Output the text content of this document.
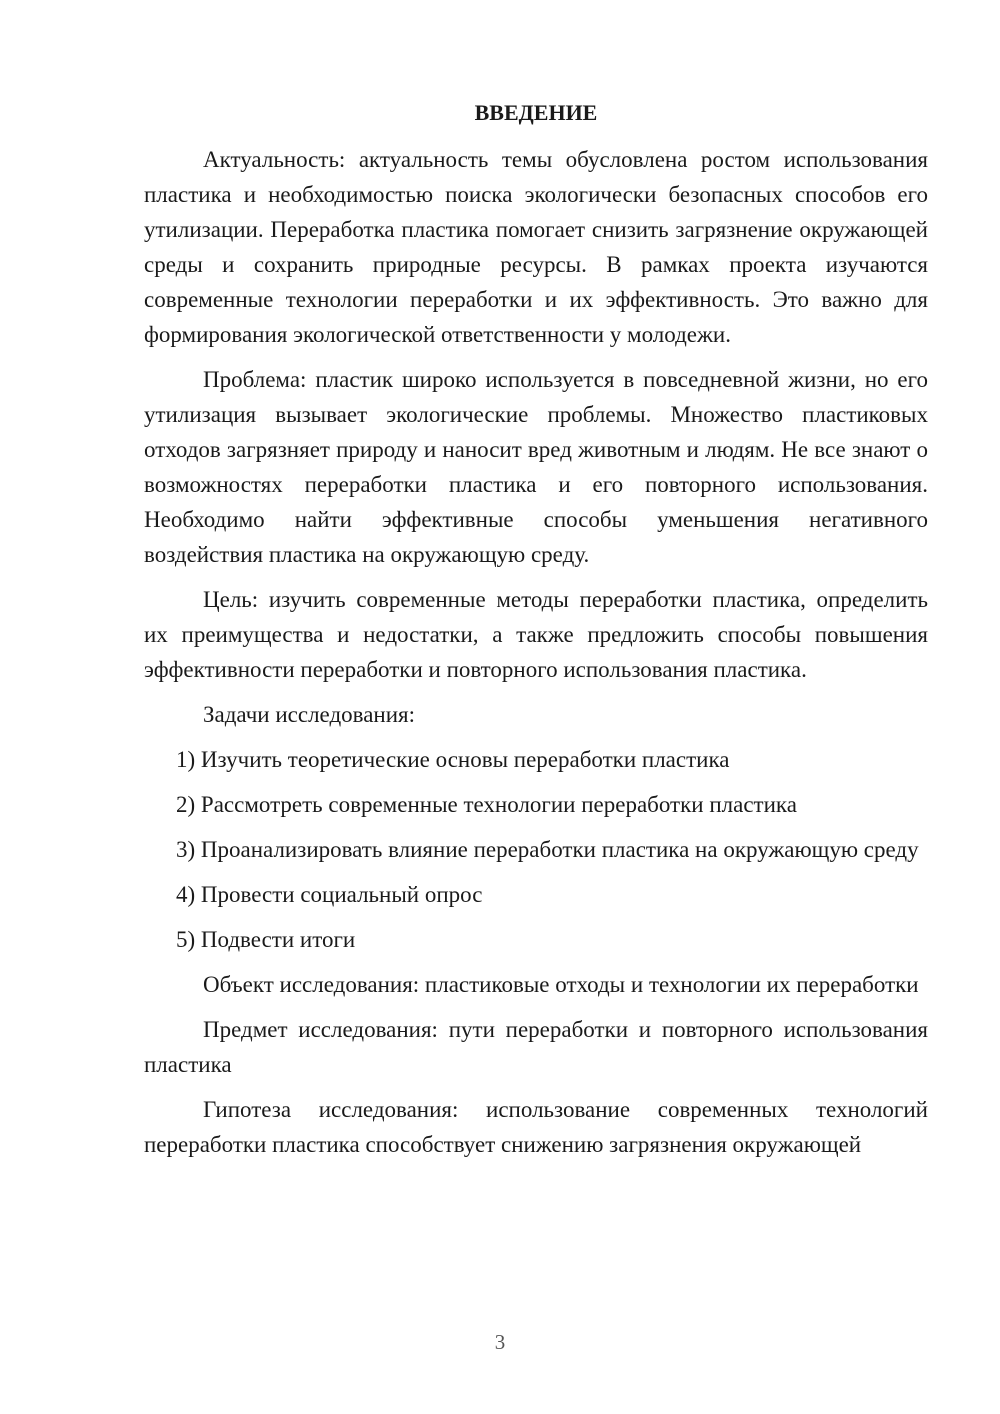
ВВЕДЕНИЕ

Актуальность: актуальность темы обусловлена ростом использования пластика и необходимостью поиска экологически безопасных способов его утилизации. Переработка пластика помогает снизить загрязнение окружающей среды и сохранить природные ресурсы. В рамках проекта изучаются современные технологии переработки и их эффективность. Это важно для формирования экологической ответственности у молодежи.

Проблема: пластик широко используется в повседневной жизни, но его утилизация вызывает экологические проблемы. Множество пластиковых отходов загрязняет природу и наносит вред животным и людям. Не все знают о возможностях переработки пластика и его повторного использования. Необходимо найти эффективные способы уменьшения негативного воздействия пластика на окружающую среду.

Цель: изучить современные методы переработки пластика, определить их преимущества и недостатки, а также предложить способы повышения эффективности переработки и повторного использования пластика.

Задачи исследования:

1) Изучить теоретические основы переработки пластика

2) Рассмотреть современные технологии переработки пластика

3) Проанализировать влияние переработки пластика на окружающую среду

4) Провести социальный опрос

5) Подвести итоги

Объект исследования: пластиковые отходы и технологии их переработки

Предмет исследования: пути переработки и повторного использования пластика

Гипотеза исследования: использование современных технологий переработки пластика способствует снижению загрязнения окружающей

3
